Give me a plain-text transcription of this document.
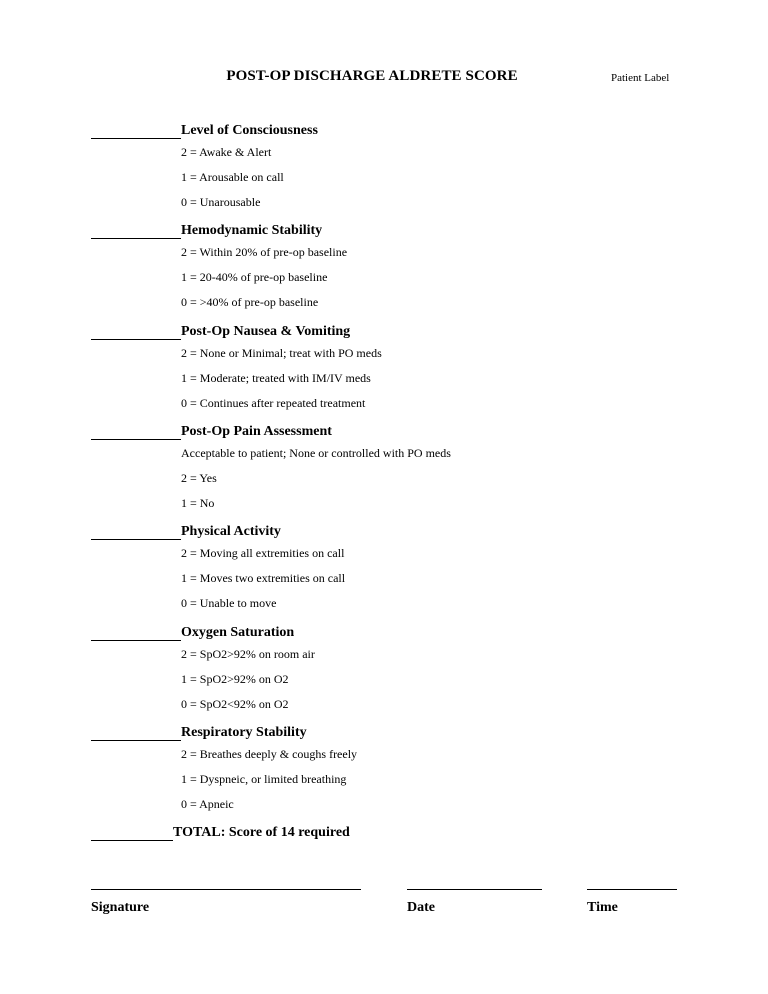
POST-OP DISCHARGE ALDRETE SCORE	Patient Label
Level of Consciousness
2 = Awake & Alert
1 = Arousable on call
0 = Unarousable
Hemodynamic Stability
2 = Within 20% of pre-op baseline
1 = 20-40% of pre-op baseline
0 = >40% of pre-op baseline
Post-Op Nausea & Vomiting
2 = None or Minimal; treat with PO meds
1 = Moderate; treated with IM/IV meds
0 = Continues after repeated treatment
Post-Op Pain Assessment
Acceptable to patient; None or controlled with PO meds
2 = Yes
1 = No
Physical Activity
2 = Moving all extremities on call
1 = Moves two extremities on call
0 = Unable to move
Oxygen Saturation
2 = SpO2>92% on room air
1 = SpO2>92% on O2
0 = SpO2<92% on O2
Respiratory Stability
2 = Breathes deeply & coughs freely
1 = Dyspneic, or limited breathing
0 = Apneic
TOTAL: Score of 14 required
Signature	Date	Time
